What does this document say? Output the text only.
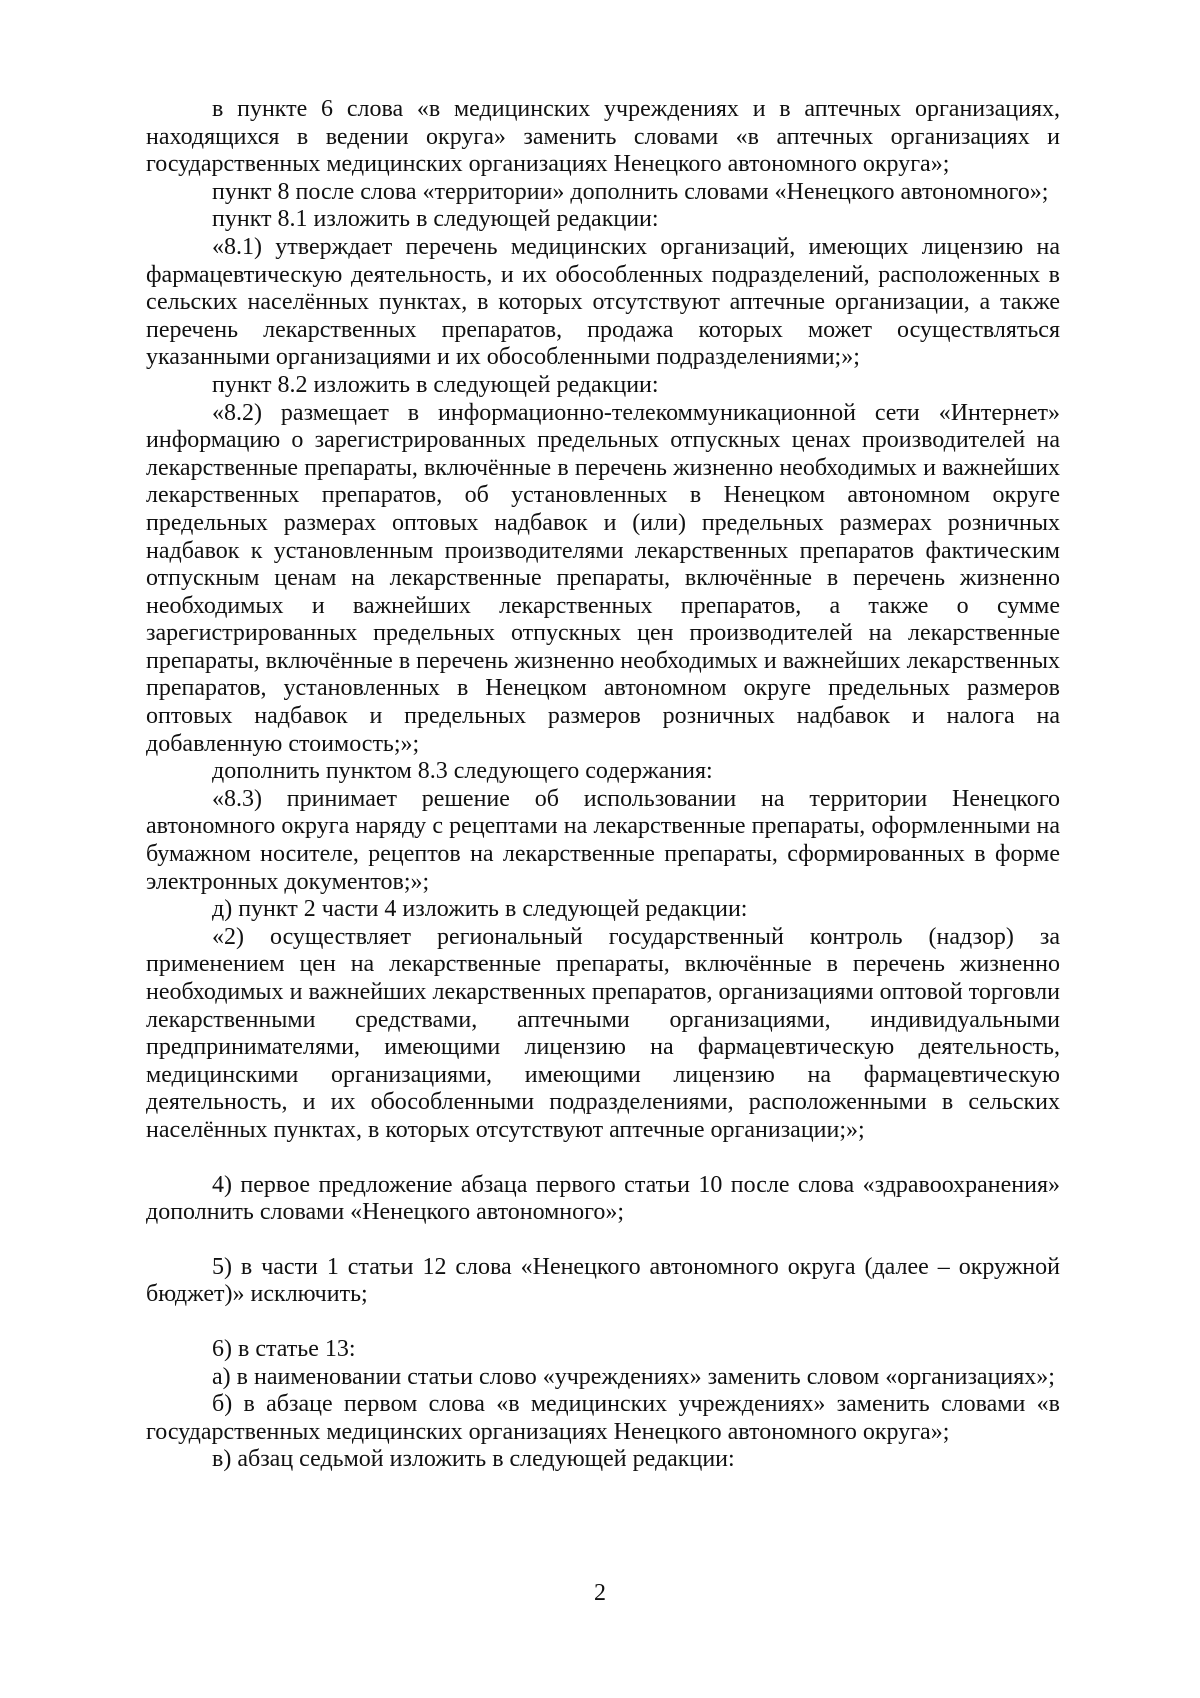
в пункте 6 слова «в медицинских учреждениях и в аптечных организациях, находящихся в ведении округа» заменить словами «в аптечных организациях и государственных медицинских организациях Ненецкого автономного округа»;

пункт 8 после слова «территории» дополнить словами «Ненецкого автономного»;

пункт 8.1 изложить в следующей редакции:

«8.1) утверждает перечень медицинских организаций, имеющих лицензию на фармацевтическую деятельность, и их обособленных подразделений, расположенных в сельских населённых пунктах, в которых отсутствуют аптечные организации, а также перечень лекарственных препаратов, продажа которых может осуществляться указанными организациями и их обособленными подразделениями;»;

пункт 8.2 изложить в следующей редакции:

«8.2) размещает в информационно-телекоммуникационной сети «Интернет» информацию о зарегистрированных предельных отпускных ценах производителей на лекарственные препараты, включённые в перечень жизненно необходимых и важнейших лекарственных препаратов, об установленных в Ненецком автономном округе предельных размерах оптовых надбавок и (или) предельных размерах розничных надбавок к установленным производителями лекарственных препаратов фактическим отпускным ценам на лекарственные препараты, включённые в перечень жизненно необходимых и важнейших лекарственных препаратов, а также о сумме зарегистрированных предельных отпускных цен производителей на лекарственные препараты, включённые в перечень жизненно необходимых и важнейших лекарственных препаратов, установленных в Ненецком автономном округе предельных размеров оптовых надбавок и предельных размеров розничных надбавок и налога на добавленную стоимость;»;

дополнить пунктом 8.3 следующего содержания:

«8.3) принимает решение об использовании на территории Ненецкого автономного округа наряду с рецептами на лекарственные препараты, оформленными на бумажном носителе, рецептов на лекарственные препараты, сформированных в форме электронных документов;»;

д) пункт 2 части 4 изложить в следующей редакции:

«2) осуществляет региональный государственный контроль (надзор) за применением цен на лекарственные препараты, включённые в перечень жизненно необходимых и важнейших лекарственных препаратов, организациями оптовой торговли лекарственными средствами, аптечными организациями, индивидуальными предпринимателями, имеющими лицензию на фармацевтическую деятельность, медицинскими организациями, имеющими лицензию на фармацевтическую деятельность, и их обособленными подразделениями, расположенными в сельских населённых пунктах, в которых отсутствуют аптечные организации;»;

4) первое предложение абзаца первого статьи 10 после слова «здравоохранения» дополнить словами «Ненецкого автономного»;

5) в части 1 статьи 12 слова «Ненецкого автономного округа (далее – окружной бюджет)» исключить;

6) в статье 13:

а) в наименовании статьи слово «учреждениях» заменить словом «организациях»;

б) в абзаце первом слова «в медицинских учреждениях» заменить словами «в государственных медицинских организациях Ненецкого автономного округа»;

в) абзац седьмой изложить в следующей редакции:

2
